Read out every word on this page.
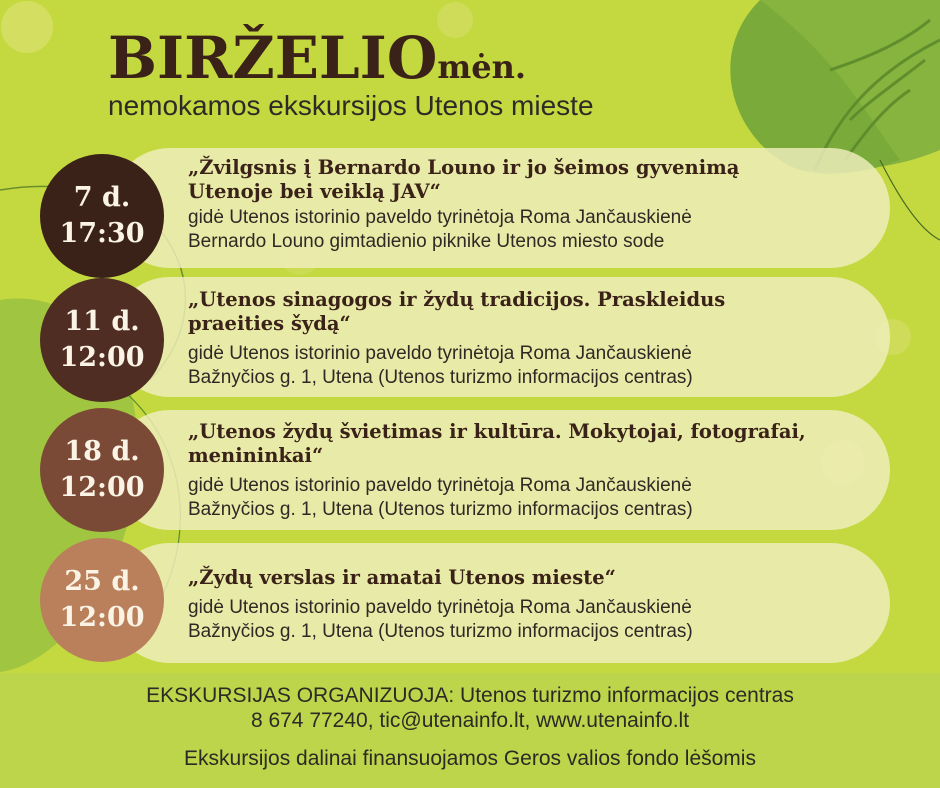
BIRŽELIOmėn.
nemokamos ekskursijos Utenos mieste
7 d.
17:30
„Žvilgsnis į Bernardo Louno ir jo šeimos gyvenimą Utenoje bei veiklą JAV“
gidė Utenos istorinio paveldo tyrinėtoja Roma Jančauskienė
Bernardo Louno gimtadienio piknike Utenos miesto sode
11 d.
12:00
„Utenos sinagogos ir žydų tradicijos. Praskleidus praeities šydą“
gidė Utenos istorinio paveldo tyrinėtoja Roma Jančauskienė
Bažnyčios g. 1, Utena (Utenos turizmo informacijos centras)
18 d.
12:00
„Utenos žydų švietimas ir kultūra. Mokytojai, fotografai, menininkai“
gidė Utenos istorinio paveldo tyrinėtoja Roma Jančauskienė
Bažnyčios g. 1, Utena (Utenos turizmo informacijos centras)
25 d.
12:00
„Žydų verslas ir amatai Utenos mieste“
gidė Utenos istorinio paveldo tyrinėtoja Roma Jančauskienė
Bažnyčios g. 1, Utena (Utenos turizmo informacijos centras)
EKSKURSIJAS ORGANIZUOJA: Utenos turizmo informacijos centras
8 674 77240, tic@utenainfo.lt, www.utenainfo.lt
Ekskursijos dalinai finansuojamos Geros valios fondo lėšomis
